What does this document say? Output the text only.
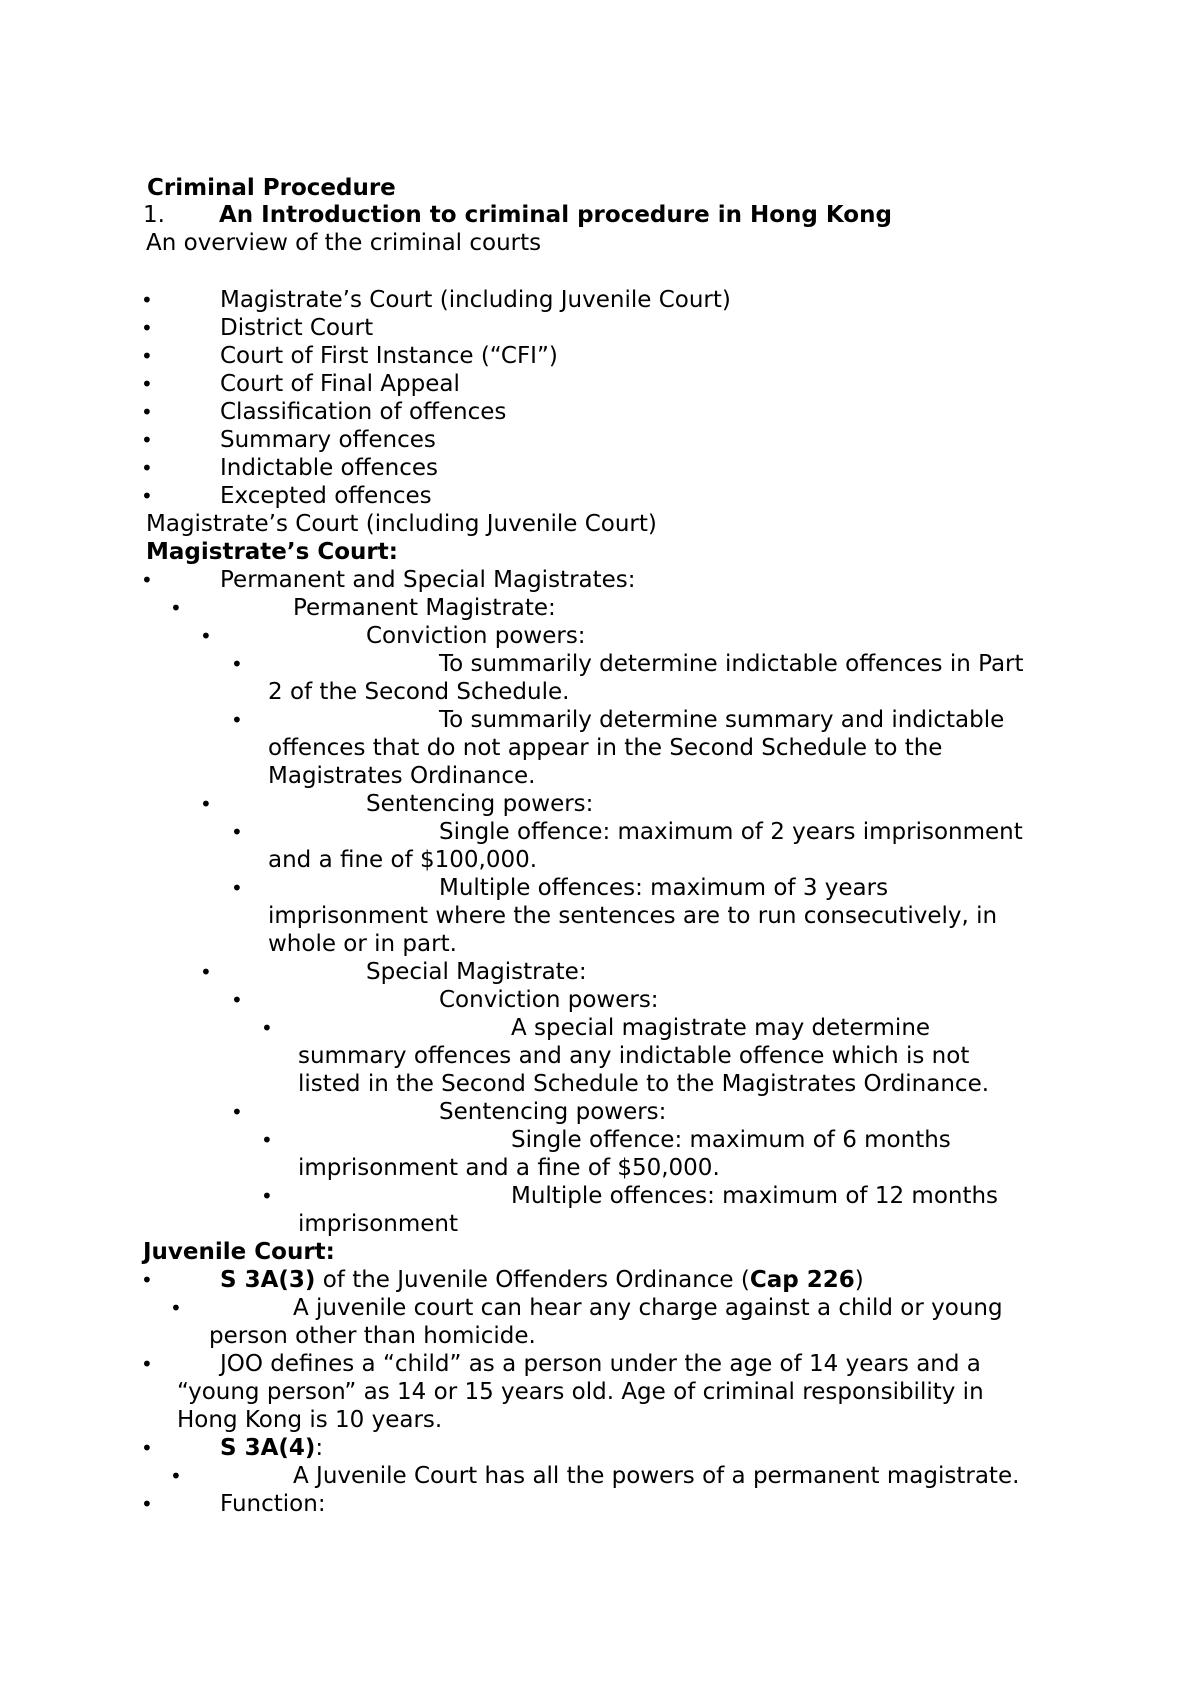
Criminal Procedure
1. An Introduction to criminal procedure in Hong Kong
An overview of the criminal courts
•	Magistrate’s Court (including Juvenile Court)
•	District Court
•	Court of First Instance (“CFI”)
•	Court of Final Appeal
•	Classification of offences
•	Summary offences
•	Indictable offences
•	Excepted offences
Magistrate’s Court (including Juvenile Court)
Magistrate’s Court:
•	Permanent and Special Magistrates:
•	Permanent Magistrate:
•	Conviction powers:
•	To summarily determine indictable offences in Part
2 of the Second Schedule.
•	To summarily determine summary and indictable
offences that do not appear in the Second Schedule to the
Magistrates Ordinance.
•	Sentencing powers:
•	Single offence: maximum of 2 years imprisonment
and a fine of $100,000.
•	Multiple offences: maximum of 3 years
imprisonment where the sentences are to run consecutively, in
whole or in part.
•	Special Magistrate:
•	Conviction powers:
•	A special magistrate may determine
summary offences and any indictable offence which is not
listed in the Second Schedule to the Magistrates Ordinance.
•	Sentencing powers:
•	Single offence: maximum of 6 months
imprisonment and a fine of $50,000.
•	Multiple offences: maximum of 12 months
imprisonment
Juvenile Court:
•	S 3A(3) of the Juvenile Offenders Ordinance (Cap 226)
•	A juvenile court can hear any charge against a child or young
person other than homicide.
•	JOO defines a “child” as a person under the age of 14 years and a
“young person” as 14 or 15 years old. Age of criminal responsibility in
Hong Kong is 10 years.
•	S 3A(4):
•	A Juvenile Court has all the powers of a permanent magistrate.
•	Function:
